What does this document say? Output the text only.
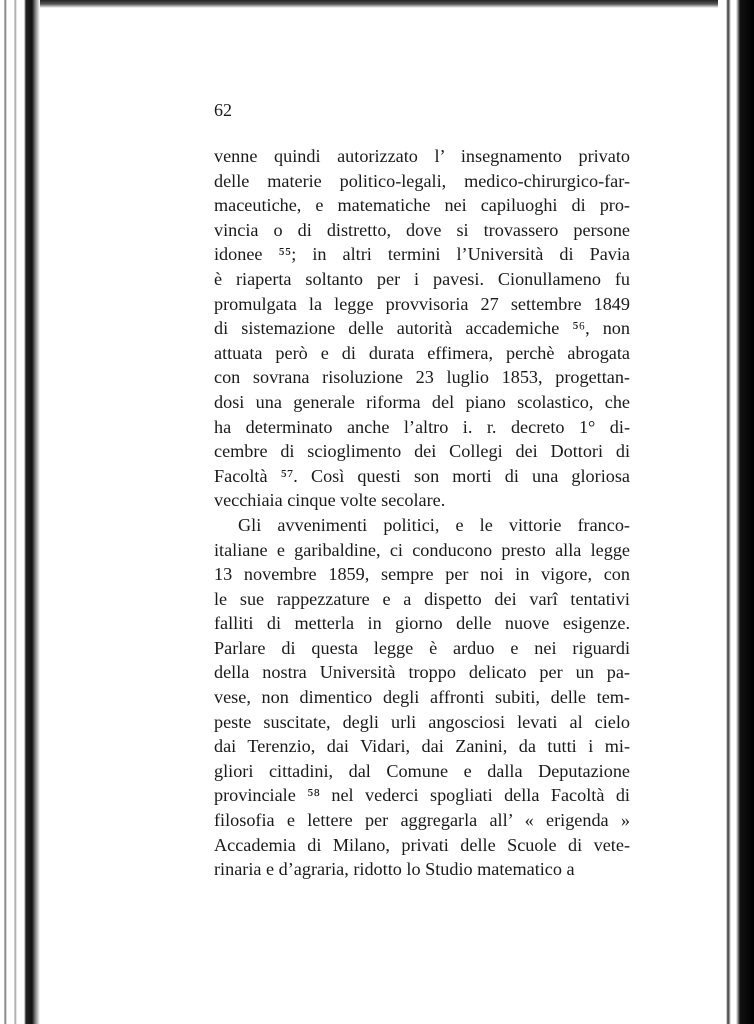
62
venne quindi autorizzato l’ insegnamento privato
delle materie politico-legali, medico-chirurgico-far-
maceutiche, e matematiche nei capiluoghi di pro-
vincia o di distretto, dove si trovassero persone
idonee ⁵⁵; in altri termini l’Università di Pavia
è riaperta soltanto per i pavesi. Cionullameno fu
promulgata la legge provvisoria 27 settembre 1849
di sistemazione delle autorità accademiche ⁵⁶, non
attuata però e di durata effimera, perchè abrogata
con sovrana risoluzione 23 luglio 1853, progettan-
dosi una generale riforma del piano scolastico, che
ha determinato anche l’altro i. r. decreto 1° di-
cembre di scioglimento dei Collegi dei Dottori di
Facoltà ⁵⁷. Così questi son morti di una gloriosa
vecchiaia cinque volte secolare.
Gli avvenimenti politici, e le vittorie franco-
italiane e garibaldine, ci conducono presto alla legge
13 novembre 1859, sempre per noi in vigore, con
le sue rappezzature e a dispetto dei varî tentativi
falliti di metterla in giorno delle nuove esigenze.
Parlare di questa legge è arduo e nei riguardi
della nostra Università troppo delicato per un pa-
vese, non dimentico degli affronti subiti, delle tem-
peste suscitate, degli urli angosciosi levati al cielo
dai Terenzio, dai Vidari, dai Zanini, da tutti i mi-
gliori cittadini, dal Comune e dalla Deputazione
provinciale ⁵⁸ nel vederci spogliati della Facoltà di
filosofia e lettere per aggregarla all’ « erigenda »
Accademia di Milano, privati delle Scuole di vete-
rinaria e d’agraria, ridotto lo Studio matematico a
